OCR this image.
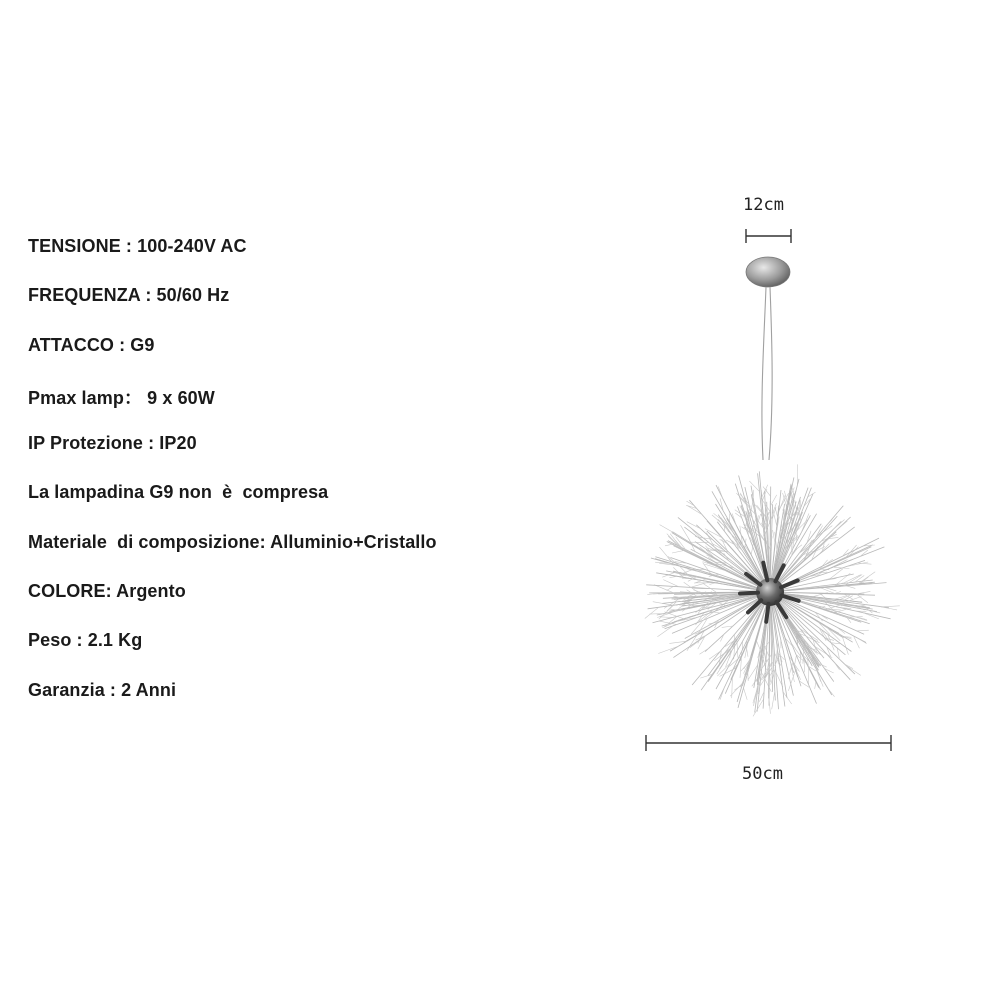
TENSIONE : 100-240V AC
FREQUENZA : 50/60 Hz
ATTACCO : G9
Pmax lamp： 9 x 60W
IP Protezione : IP20
La lampadina G9 non  è  compresa
Materiale  di composizione: Alluminio+Cristallo
COLORE: Argento
Peso : 2.1 Kg
Garanzia : 2 Anni
12cm
50cm
